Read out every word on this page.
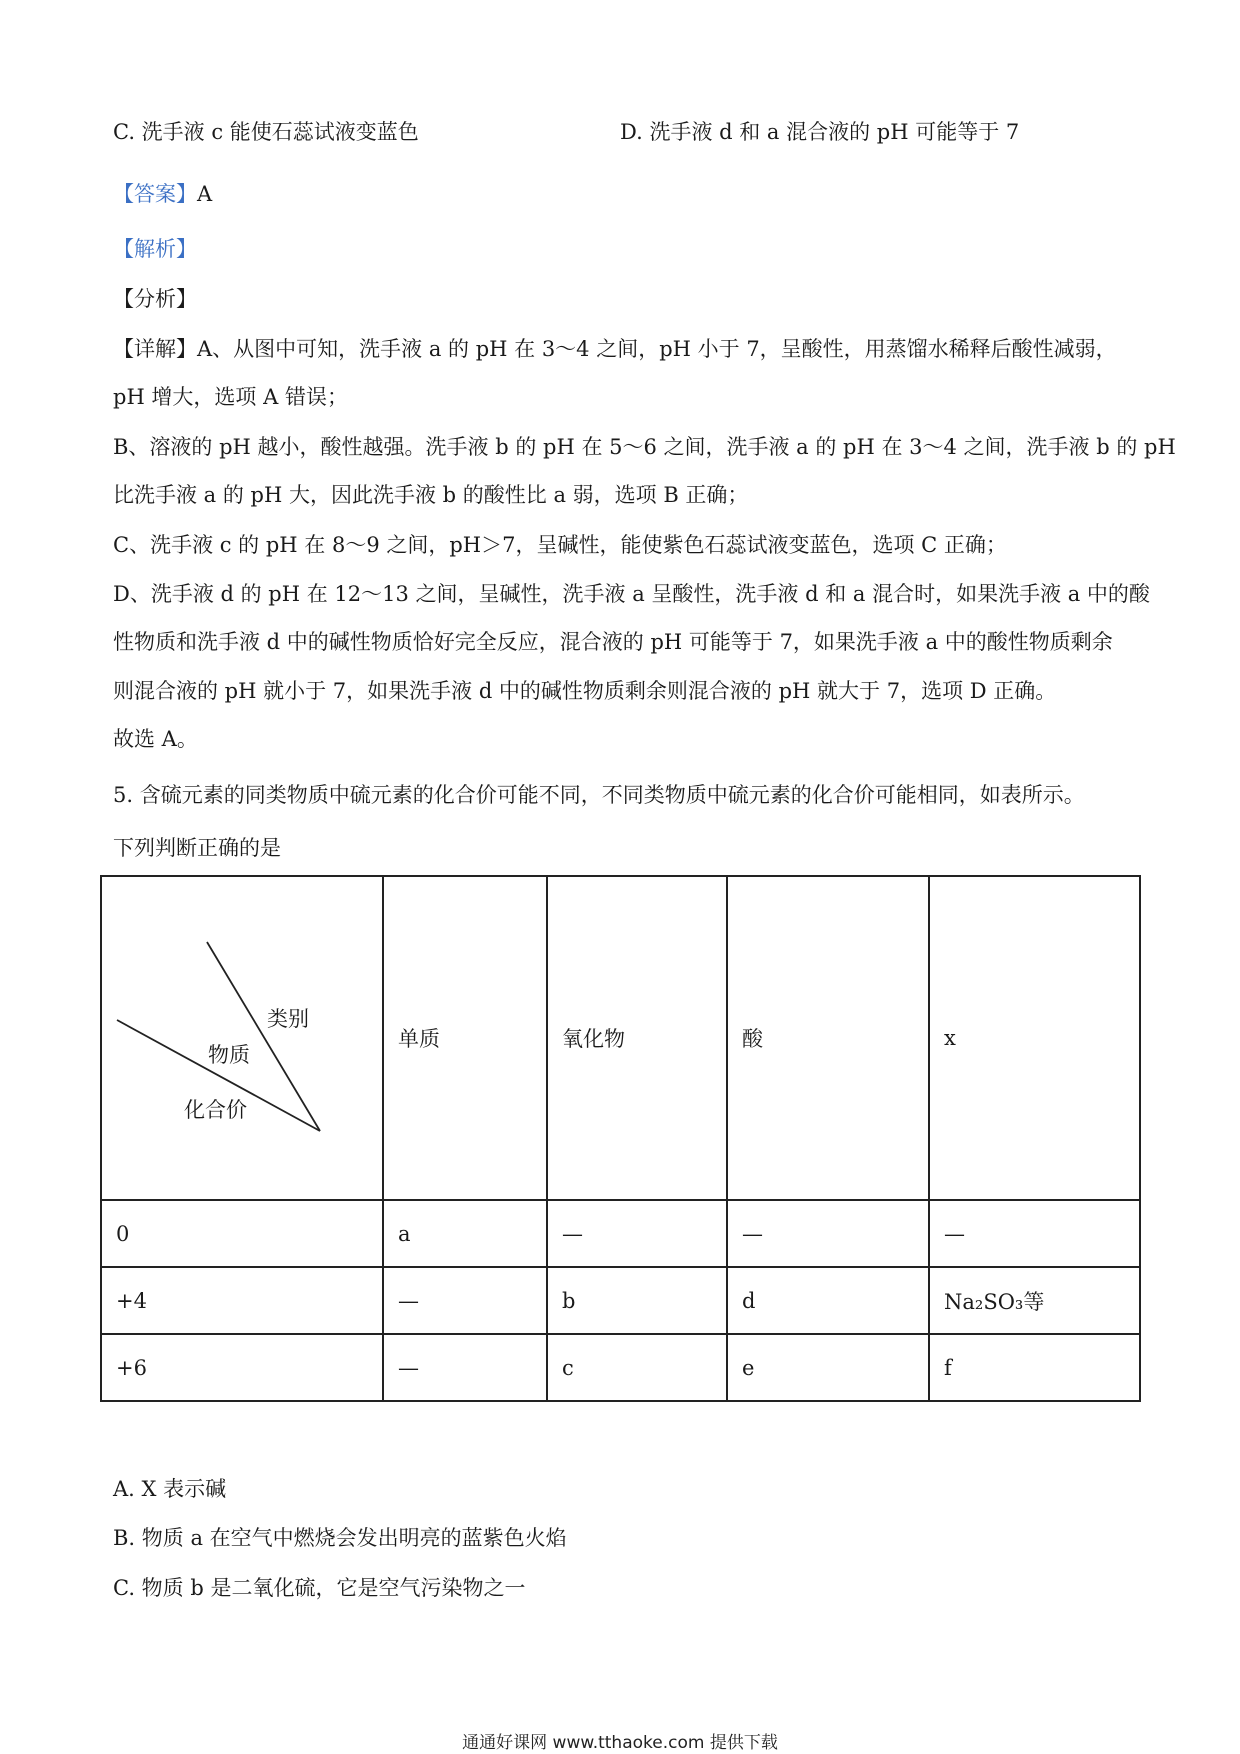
C. 洗手液 c 能使石蕊试液变蓝色	D. 洗手液 d 和 a 混合液的 pH 可能等于 7
【答案】A
【解析】
【分析】
【详解】A、从图中可知，洗手液 a 的 pH 在 3～4 之间，pH 小于 7，呈酸性，用蒸馏水稀释后酸性减弱，
pH 增大，选项 A 错误；
B、溶液的 pH 越小，酸性越强。洗手液 b 的 pH 在 5～6 之间，洗手液 a 的 pH 在 3～4 之间，洗手液 b 的 pH
比洗手液 a 的 pH 大，因此洗手液 b 的酸性比 a 弱，选项 B 正确；
C、洗手液 c 的 pH 在 8～9 之间，pH＞7，呈碱性，能使紫色石蕊试液变蓝色，选项 C 正确；
D、洗手液 d 的 pH 在 12～13 之间，呈碱性，洗手液 a 呈酸性，洗手液 d 和 a 混合时，如果洗手液 a 中的酸
性物质和洗手液 d 中的碱性物质恰好完全反应，混合液的 pH 可能等于 7，如果洗手液 a 中的酸性物质剩余
则混合液的 pH 就小于 7，如果洗手液 d 中的碱性物质剩余则混合液的 pH 就大于 7，选项 D 正确。
故选 A。
5. 含硫元素的同类物质中硫元素的化合价可能不同，不同类物质中硫元素的化合价可能相同，如表所示。
下列判断正确的是
类别
物质
化合价	单质	氧化物	酸	x
0	a	—	—	—
+4	—	b	d	Na₂SO₃等
+6	—	c	e	f
A. X 表示碱
B. 物质 a 在空气中燃烧会发出明亮的蓝紫色火焰
C. 物质 b 是二氧化硫，它是空气污染物之一
通通好课网 www.tthaoke.com 提供下载
